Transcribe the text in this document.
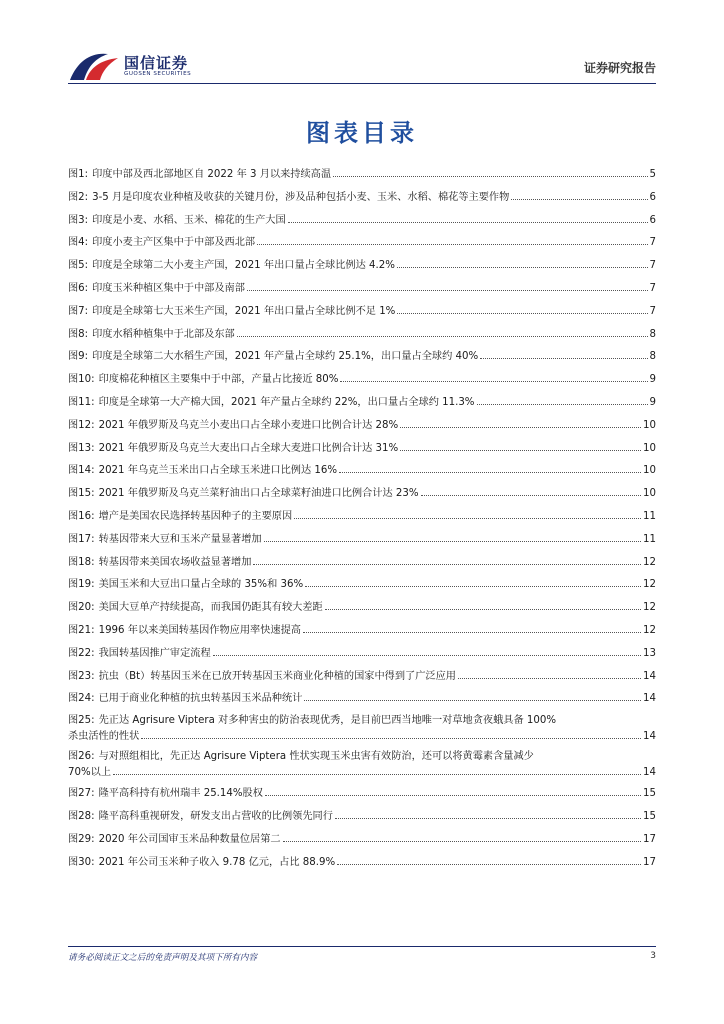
国信证券
GUOSEN SECURITIES	证券研究报告
图表目录
图1: 印度中部及西北部地区自 2022 年 3 月以来持续高温	5
图2: 3-5 月是印度农业种植及收获的关键月份，涉及品种包括小麦、玉米、水稻、棉花等主要作物	6
图3: 印度是小麦、水稻、玉米、棉花的生产大国	6
图4: 印度小麦主产区集中于中部及西北部	7
图5: 印度是全球第二大小麦主产国，2021 年出口量占全球比例达 4.2%	7
图6: 印度玉米种植区集中于中部及南部	7
图7: 印度是全球第七大玉米生产国，2021 年出口量占全球比例不足 1%	7
图8: 印度水稻种植集中于北部及东部	8
图9: 印度是全球第二大水稻生产国，2021 年产量占全球约 25.1%，出口量占全球约 40%	8
图10: 印度棉花种植区主要集中于中部，产量占比接近 80%	9
图11: 印度是全球第一大产棉大国，2021 年产量占全球约 22%，出口量占全球约 11.3%	9
图12: 2021 年俄罗斯及乌克兰小麦出口占全球小麦进口比例合计达 28%	10
图13: 2021 年俄罗斯及乌克兰大麦出口占全球大麦进口比例合计达 31%	10
图14: 2021 年乌克兰玉米出口占全球玉米进口比例达 16%	10
图15: 2021 年俄罗斯及乌克兰菜籽油出口占全球菜籽油进口比例合计达 23%	10
图16: 增产是美国农民选择转基因种子的主要原因	11
图17: 转基因带来大豆和玉米产量显著增加	11
图18: 转基因带来美国农场收益显著增加	12
图19: 美国玉米和大豆出口量占全球的 35%和 36%	12
图20: 美国大豆单产持续提高，而我国仍距其有较大差距	12
图21: 1996 年以来美国转基因作物应用率快速提高	12
图22: 我国转基因推广审定流程	13
图23: 抗虫（Bt）转基因玉米在已放开转基因玉米商业化种植的国家中得到了广泛应用	14
图24: 已用于商业化种植的抗虫转基因玉米品种统计	14
图25: 先正达 Agrisure Viptera 对多种害虫的防治表现优秀，是目前巴西当地唯一对草地贪夜蛾具备 100%
杀虫活性的性状	14
图26: 与对照组相比，先正达 Agrisure Viptera 性状实现玉米虫害有效防治，还可以将黄霉素含量减少
70%以上	14
图27: 隆平高科持有杭州瑞丰 25.14%股权	15
图28: 隆平高科重视研发，研发支出占营收的比例领先同行	15
图29: 2020 年公司国审玉米品种数量位居第二	17
图30: 2021 年公司玉米种子收入 9.78 亿元，占比 88.9%	17
请务必阅读正文之后的免责声明及其项下所有内容	3
